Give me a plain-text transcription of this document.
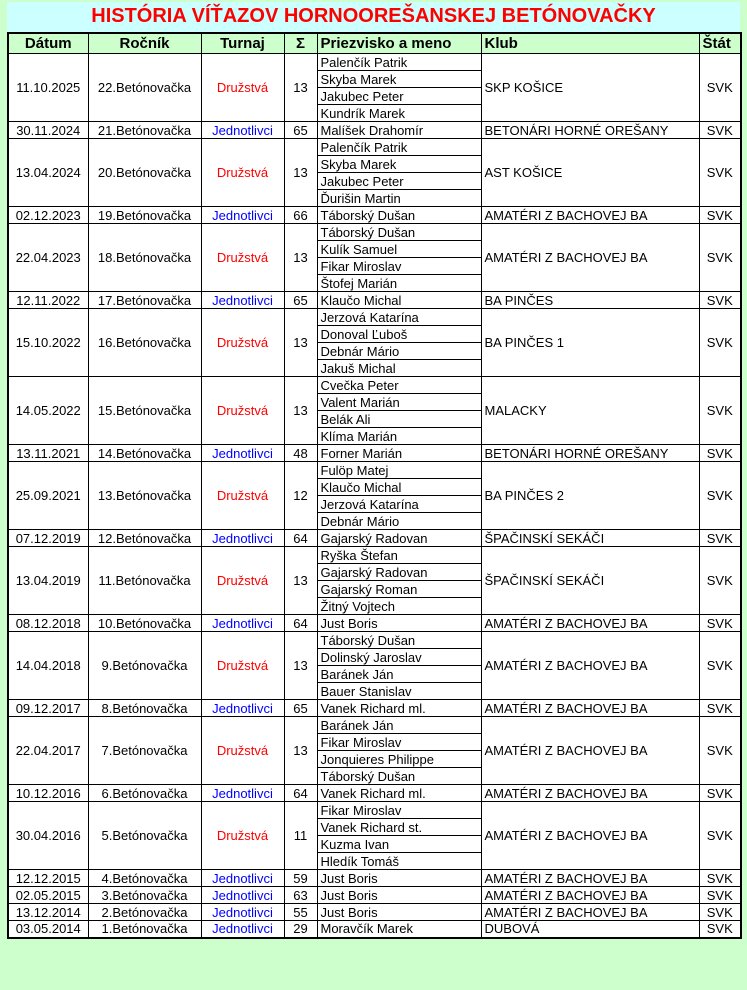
HISTÓRIA VÍŤAZOV HORNOOREŠANSKEJ BETÓNOVAČKY
Dátum	Ročník	Turnaj	Σ	Priezvisko a meno	Klub	Štát
11.10.2025	22.Betónovačka	Družstvá	13	Palenčík Patrik	SKP KOŠICE	SVK
				Skyba Marek		
				Jakubec Peter		
				Kundrík Marek		
30.11.2024	21.Betónovačka	Jednotlivci	65	Malíšek Drahomír	BETONÁRI HORNÉ OREŠANY	SVK
13.04.2024	20.Betónovačka	Družstvá	13	Palenčík Patrik	AST KOŠICE	SVK
				Skyba Marek		
				Jakubec Peter		
				Ďurišin Martin		
02.12.2023	19.Betónovačka	Jednotlivci	66	Táborský Dušan	AMATÉRI Z BACHOVEJ BA	SVK
22.04.2023	18.Betónovačka	Družstvá	13	Táborský Dušan	AMATÉRI Z BACHOVEJ BA	SVK
				Kulík Samuel		
				Fikar Miroslav		
				Štofej Marián		
12.11.2022	17.Betónovačka	Jednotlivci	65	Klaučo Michal	BA PINČES	SVK
15.10.2022	16.Betónovačka	Družstvá	13	Jerzová Katarína	BA PINČES 1	SVK
				Donoval Ľuboš		
				Debnár Mário		
				Jakuš Michal		
14.05.2022	15.Betónovačka	Družstvá	13	Cvečka Peter	MALACKY	SVK
				Valent Marián		
				Belák Ali		
				Klíma Marián		
13.11.2021	14.Betónovačka	Jednotlivci	48	Forner Marián	BETONÁRI HORNÉ OREŠANY	SVK
25.09.2021	13.Betónovačka	Družstvá	12	Fulöp Matej	BA PINČES 2	SVK
				Klaučo Michal		
				Jerzová Katarína		
				Debnár Mário		
07.12.2019	12.Betónovačka	Jednotlivci	64	Gajarský Radovan	ŠPAČINSKÍ SEKÁČI	SVK
13.04.2019	11.Betónovačka	Družstvá	13	Ryška Štefan	ŠPAČINSKÍ SEKÁČI	SVK
				Gajarský Radovan		
				Gajarský Roman		
				Žitný Vojtech		
08.12.2018	10.Betónovačka	Jednotlivci	64	Just Boris	AMATÉRI Z BACHOVEJ BA	SVK
14.04.2018	9.Betónovačka	Družstvá	13	Táborský Dušan	AMATÉRI Z BACHOVEJ BA	SVK
				Dolinský Jaroslav		
				Baránek Ján		
				Bauer Stanislav		
09.12.2017	8.Betónovačka	Jednotlivci	65	Vanek Richard ml.	AMATÉRI Z BACHOVEJ BA	SVK
22.04.2017	7.Betónovačka	Družstvá	13	Baránek Ján	AMATÉRI Z BACHOVEJ BA	SVK
				Fikar Miroslav		
				Jonquieres Philippe		
				Táborský Dušan		
10.12.2016	6.Betónovačka	Jednotlivci	64	Vanek Richard ml.	AMATÉRI Z BACHOVEJ BA	SVK
30.04.2016	5.Betónovačka	Družstvá	11	Fikar Miroslav	AMATÉRI Z BACHOVEJ BA	SVK
				Vanek Richard st.		
				Kuzma Ivan		
				Hledík Tomáš		
12.12.2015	4.Betónovačka	Jednotlivci	59	Just Boris	AMATÉRI Z BACHOVEJ BA	SVK
02.05.2015	3.Betónovačka	Jednotlivci	63	Just Boris	AMATÉRI Z BACHOVEJ BA	SVK
13.12.2014	2.Betónovačka	Jednotlivci	55	Just Boris	AMATÉRI Z BACHOVEJ BA	SVK
03.05.2014	1.Betónovačka	Jednotlivci	29	Moravčík Marek	DUBOVÁ	SVK
